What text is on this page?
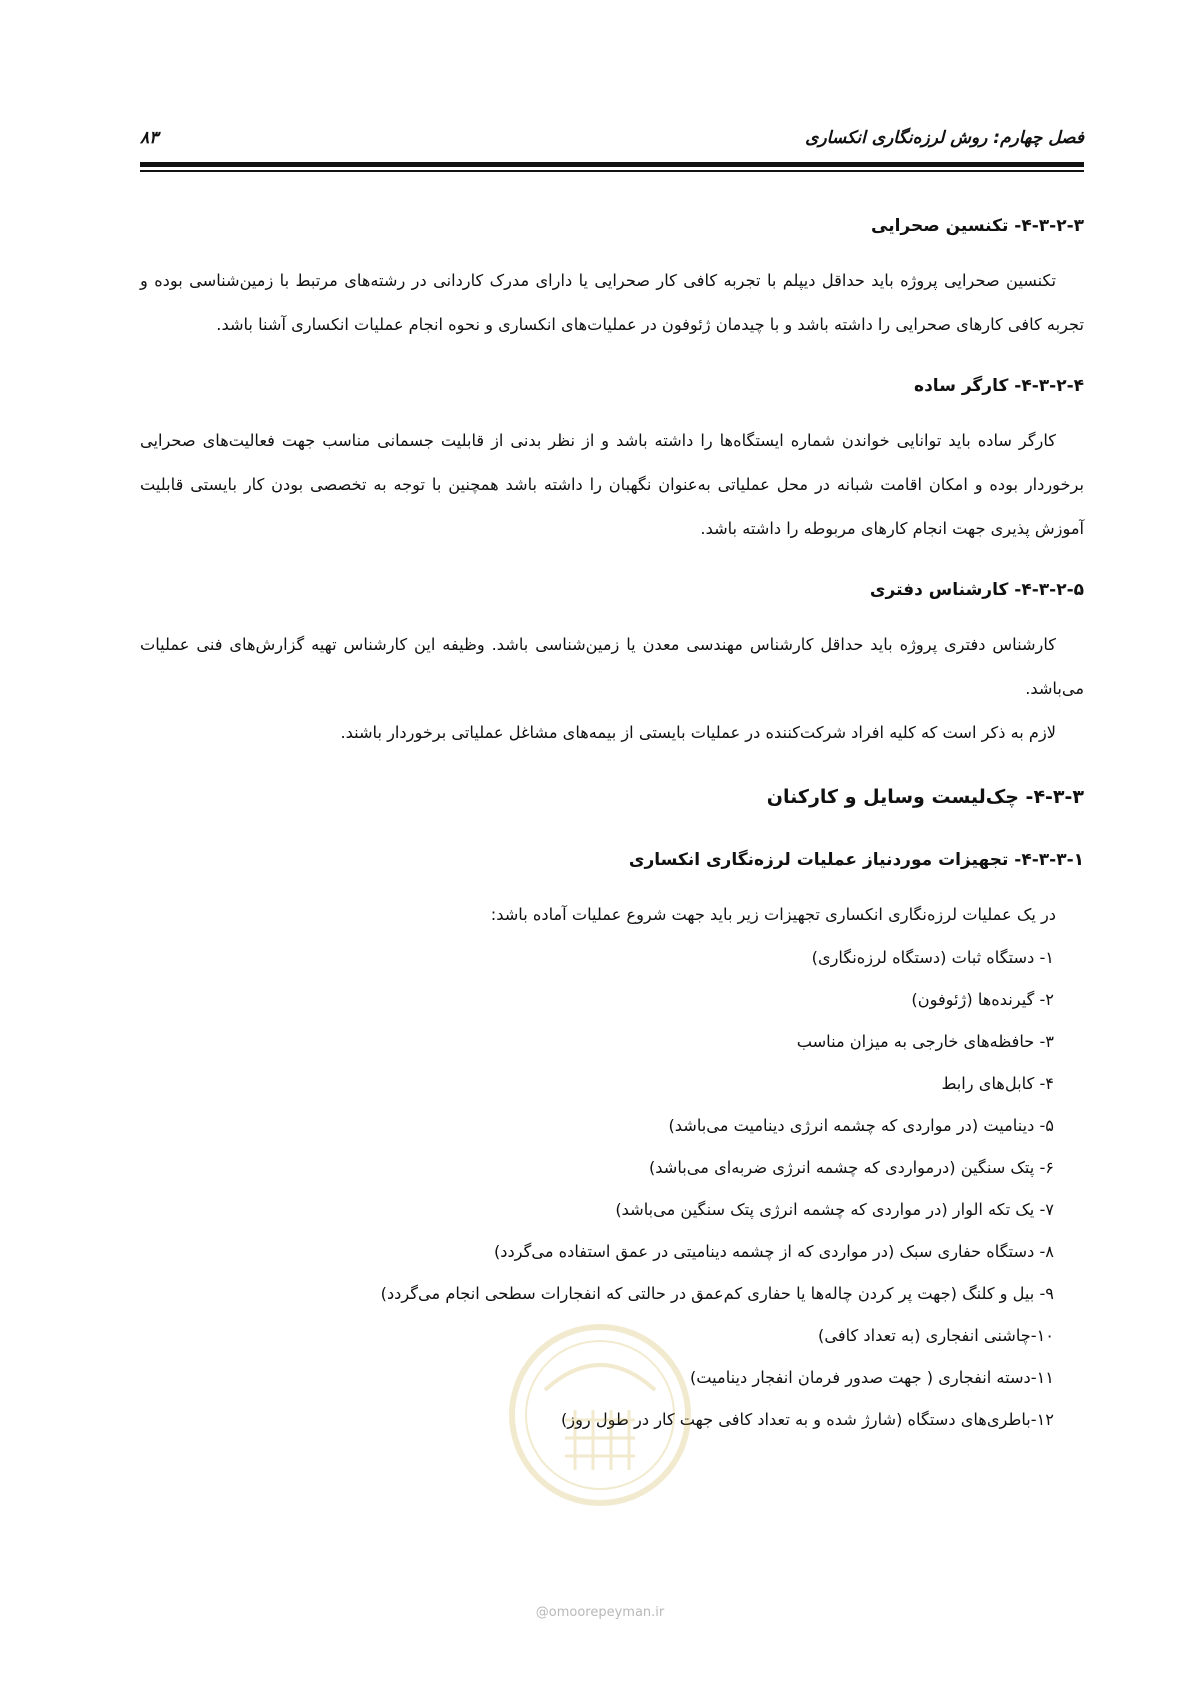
فصل چهارم: روش لرزه‌نگاری انکساری
۸۳
۴-۳-۲-۳- تکنسین صحرایی

تکنسین صحرایی پروژه باید حداقل دیپلم با تجربه کافی کار صحرایی یا دارای مدرک کاردانی در رشته‌های مرتبط با زمین‌شناسی بوده و تجربه کافی کارهای صحرایی را داشته باشد و با چیدمان ژئوفون در عملیات‌های انکساری و نحوه انجام عملیات انکساری آشنا باشد.

۴-۳-۲-۴- کارگر ساده

کارگر ساده باید توانایی خواندن شماره ایستگاه‌ها را داشته باشد و از نظر بدنی از قابلیت جسمانی مناسب جهت فعالیت‌های صحرایی برخوردار بوده و امکان اقامت شبانه در محل عملیاتی به‌عنوان نگهبان را داشته باشد همچنین با توجه به تخصصی بودن کار بایستی قابلیت آموزش پذیری جهت انجام کارهای مربوطه را داشته باشد.

۴-۳-۲-۵- کارشناس دفتری

کارشناس دفتری پروژه باید حداقل کارشناس مهندسی معدن یا زمین‌شناسی باشد. وظیفه این کارشناس تهیه گزارش‌های فنی عملیات می‌باشد.

لازم به ذکر است که کلیه افراد شرکت‌کننده در عملیات بایستی از بیمه‌های مشاغل عملیاتی برخوردار باشند.

۴-۳-۳- چک‌لیست وسایل و کارکنان
۴-۳-۳-۱- تجهیزات موردنیاز عملیات لرزه‌نگاری انکساری

در یک عملیات لرزه‌نگاری انکساری تجهیزات زیر باید جهت شروع عملیات آماده باشد:

۱- دستگاه ثبات (دستگاه لرزه‌نگاری)
۲- گیرنده‌ها (ژئوفون)
۳- حافظه‌های خارجی به میزان مناسب
۴- کابل‌های رابط
۵- دینامیت (در مواردی که چشمه انرژی دینامیت می‌باشد)
۶- پتک سنگین (درمواردی که چشمه انرژی ضربه‌ای می‌باشد)
۷- یک تکه الوار (در مواردی که چشمه انرژی پتک سنگین می‌باشد)
۸- دستگاه حفاری سبک (در مواردی که از چشمه دینامیتی در عمق استفاده می‌گردد)
۹- بیل و کلنگ (جهت پر کردن چاله‌ها یا حفاری کم‌عمق در حالتی که انفجارات سطحی انجام می‌گردد)
۱۰-چاشنی انفجاری (به تعداد کافی)
۱۱-دسته انفجاری ( جهت صدور فرمان انفجار دینامیت)
۱۲-باطری‌های دستگاه (شارژ شده و به تعداد کافی جهت کار در طول روز)
@omoorepeyman.ir
